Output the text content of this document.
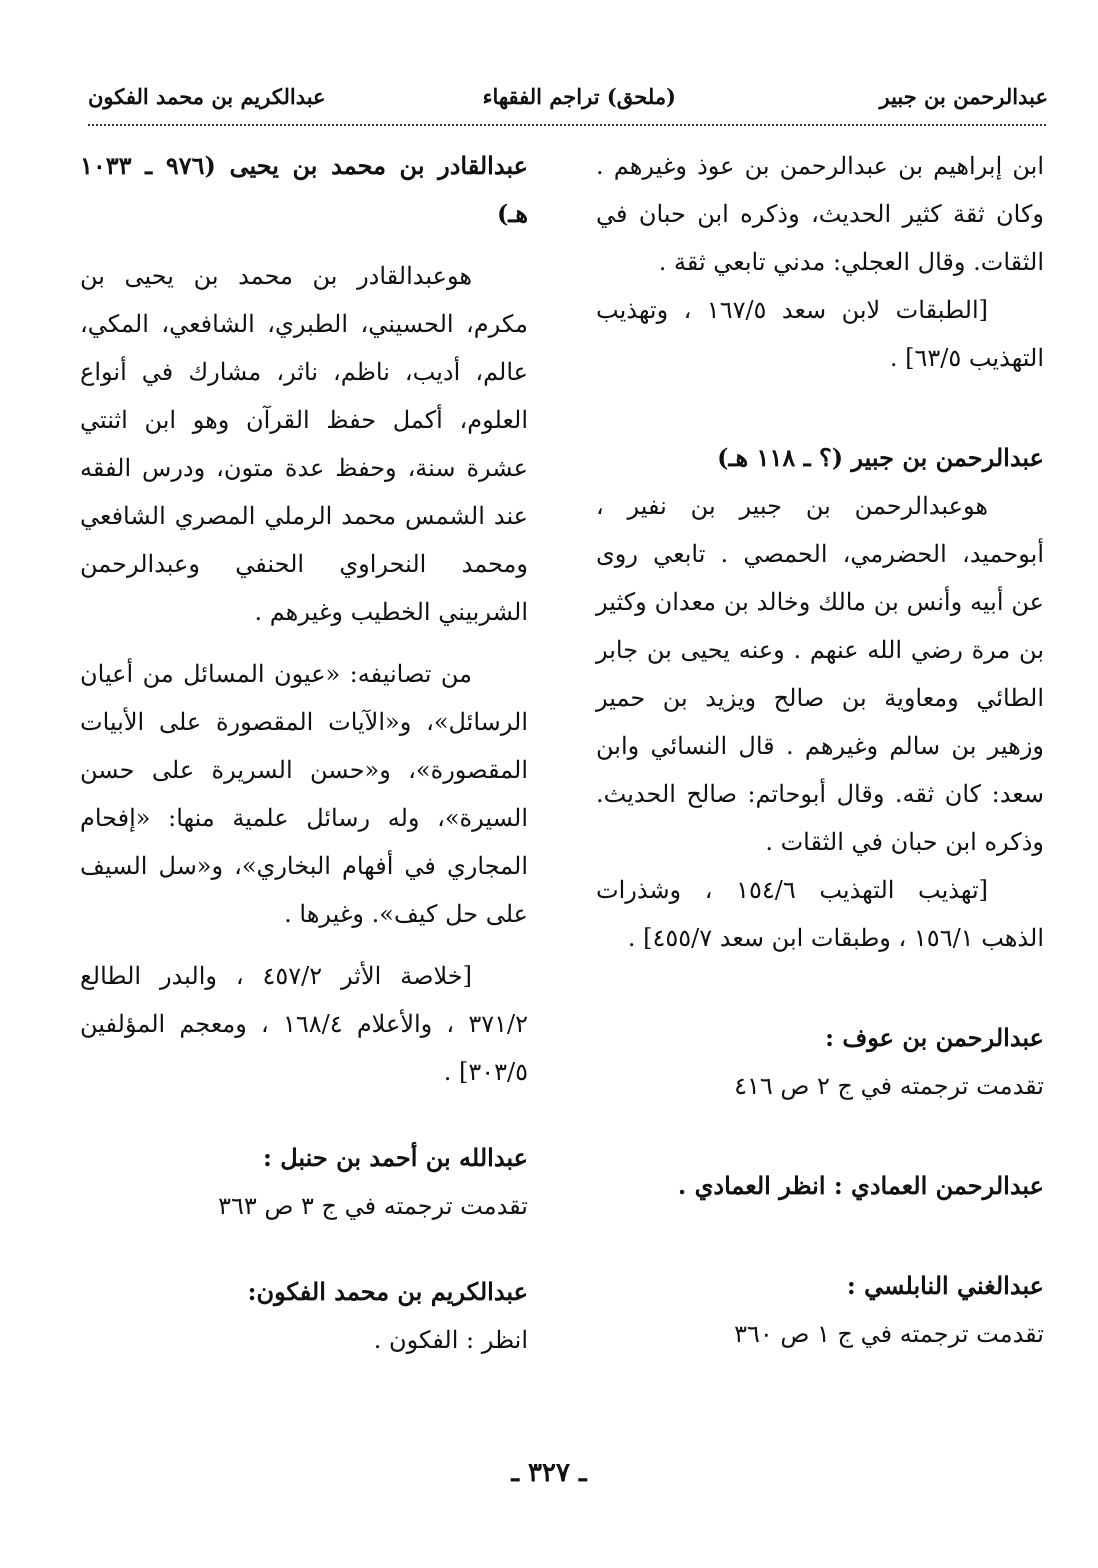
عبدالرحمن بن جبير
(ملحق) تراجم الفقهاء
عبدالكريم بن محمد الفكون

ابن إبراهيم بن عبدالرحمن بن عوذ وغيرهم . وكان ثقة كثير الحديث، وذكره ابن حبان في الثقات. وقال العجلي: مدني تابعي ثقة .

[الطبقات لابن سعد ١٦٧/٥ ، وتهذيب التهذيب ٦٣/٥] .

عبدالرحمن بن جبير (؟ ـ ١١٨ هـ)

هوعبدالرحمن بن جبير بن نفير ، أبوحميد، الحضرمي، الحمصي . تابعي روى عن أبيه وأنس بن مالك وخالد بن معدان وكثير بن مرة رضي الله عنهم . وعنه يحيى بن جابر الطائي ومعاوية بن صالح ويزيد بن حمير وزهير بن سالم وغيرهم . قال النسائي وابن سعد: كان ثقه. وقال أبوحاتم: صالح الحديث. وذكره ابن حبان في الثقات .

[تهذيب التهذيب ١٥٤/٦ ، وشذرات الذهب ١٥٦/١ ، وطبقات ابن سعد ٤٥٥/٧] .

عبدالرحمن بن عوف :

تقدمت ترجمته في ج ٢ ص ٤١٦

عبدالرحمن العمادي : انظر العمادي .

عبدالغني النابلسي :

تقدمت ترجمته في ج ١ ص ٣٦٠

عبدالقادر بن محمد بن يحيى (٩٧٦ ـ ١٠٣٣ هـ)

هوعبدالقادر بن محمد بن يحيى بن مكرم، الحسيني، الطبري، الشافعي، المكي، عالم، أديب، ناظم، ناثر، مشارك في أنواع العلوم، أكمل حفظ القرآن وهو ابن اثنتي عشرة سنة، وحفظ عدة متون، ودرس الفقه عند الشمس محمد الرملي المصري الشافعي ومحمد النحراوي الحنفي وعبدالرحمن الشربيني الخطيب وغيرهم .

من تصانيفه: «عيون المسائل من أعيان الرسائل»، و«الآيات المقصورة على الأبيات المقصورة»، و«حسن السريرة على حسن السيرة»، وله رسائل علمية منها: «إفحام المجاري في أفهام البخاري»، و«سل السيف على حل كيف». وغيرها .

[خلاصة الأثر ٤٥٧/٢ ، والبدر الطالع ٣٧١/٢ ، والأعلام ١٦٨/٤ ، ومعجم المؤلفين ٣٠٣/٥] .

عبدالله بن أحمد بن حنبل :

تقدمت ترجمته في ج ٣ ص ٣٦٣

عبدالكريم بن محمد الفكون:

انظر : الفكون .

ـ ٣٢٧ ـ
